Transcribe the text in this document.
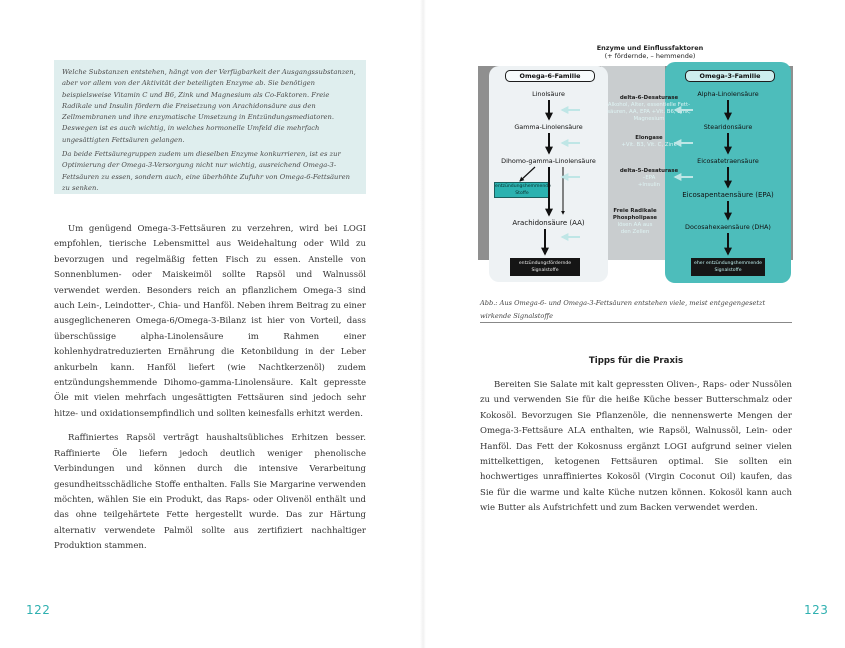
Welche Substanzen entstehen, hängt von der Verfügbarkeit der Ausgangssubstanzen, aber vor allem von der Aktivität der beteiligten Enzyme ab. Sie benötigen beispielsweise Vitamin C und B6, Zink und Magnesium als Co-Faktoren. Freie Radikale und Insulin fördern die Freisetzung von Arachidonsäure aus den Zellmembranen und ihre enzymatische Umsetzung in Entzündungsmediatoren. Deswegen ist es auch wichtig, in welches hormonelle Umfeld die mehrfach ungesättigten Fettsäuren gelangen.

Da beide Fettsäuregruppen zudem um dieselben Enzyme konkurrieren, ist es zur Optimierung der Omega-3-Versorgung nicht nur wichtig, ausreichend Omega-3-Fettsäuren zu essen, sondern auch, eine überhöhte Zufuhr von Omega-6-Fettsäuren zu senken.

Um genügend Omega-3-Fettsäuren zu verzehren, wird bei LOGI empfohlen, tierische Lebensmittel aus Weidehaltung oder Wild zu bevorzugen und regelmäßig fetten Fisch zu essen. Anstelle von Sonnenblumen- oder Maiskeimöl sollte Rapsöl und Walnussöl verwendet werden. Besonders reich an pflanzlichem Omega-3 sind auch Lein-, Leindotter-, Chia- und Hanföl. Neben ihrem Beitrag zu einer ausgeglicheneren Omega-6/Omega-3-Bilanz ist hier von Vorteil, dass überschüssige alpha-Linolensäure im Rahmen einer kohlenhydratreduzierten Ernährung die Ketonbildung in der Leber ankurbeln kann. Hanföl liefert (wie Nachtkerzenöl) zudem entzündungshemmende Dihomo-gamma-Linolensäure. Kalt gepresste Öle mit vielen mehrfach ungesättigten Fettsäuren sind jedoch sehr hitze- und oxidationsempfindlich und sollten keinesfalls erhitzt werden.

Raffiniertes Rapsöl verträgt haushaltsübliches Erhitzen besser. Raffinierte Öle liefern jedoch deutlich weniger phenolische Verbindungen und können durch die intensive Verarbeitung gesundheitsschädliche Stoffe enthalten. Falls Sie Margarine verwenden möchten, wählen Sie ein Produkt, das Raps- oder Olivenöl enthält und das ohne teilgehärtete Fette hergestellt wurde. Das zur Härtung alternativ verwendete Palmöl sollte aus zertifiziert nachhaltiger Produktion stammen.

122
Enzyme und Einflussfaktoren
(+ fördernde, – hemmende)
Omega-6-Familie	Omega-3-Familie
Linolsäure
Gamma-Linolensäure
Dihomo-gamma-Linolensäure
Arachidonsäure (AA)
Alpha-Linolensäure
Stearidonsäure
Eicosatetraensäure
Eicosapentaensäure (EPA)
Docosahexaensäure (DHA)
delta-6-Desaturase
Alkohol, Alter, essentielle Fett-
säuren, AA, EPA +Vit. B6, Zink,
Magnesium
Elongase
+Vit. B3, Vit. C, Zink
delta-5-Desaturase
–EPA
+Insulin
Freie Radikale Phospholipase
lösen AA aus
den Zellen
entzündungshemmende Stoffe
entzündungsfördernde Signalstoffe
eher entzündungshemmende Signalstoffe
Abb.: Aus Omega-6- und Omega-3-Fettsäuren entstehen viele, meist entgegengesetzt wirkende Signalstoffe
Tipps für die Praxis

Bereiten Sie Salate mit kalt gepressten Oliven-, Raps- oder Nussölen zu und verwenden Sie für die heiße Küche besser Butterschmalz oder Kokosöl. Bevorzugen Sie Pflanzenöle, die nennenswerte Mengen der Omega-3-Fettsäure ALA enthalten, wie Rapsöl, Walnussöl, Lein- oder Hanföl. Das Fett der Kokosnuss ergänzt LOGI aufgrund seiner vielen mittelkettigen, ketogenen Fettsäuren optimal. Sie sollten ein hochwertiges unraffiniertes Kokosöl (Virgin Coconut Oil) kaufen, das Sie für die warme und kalte Küche nutzen können. Kokosöl kann auch wie Butter als Aufstrichfett und zum Backen verwendet werden.

123
